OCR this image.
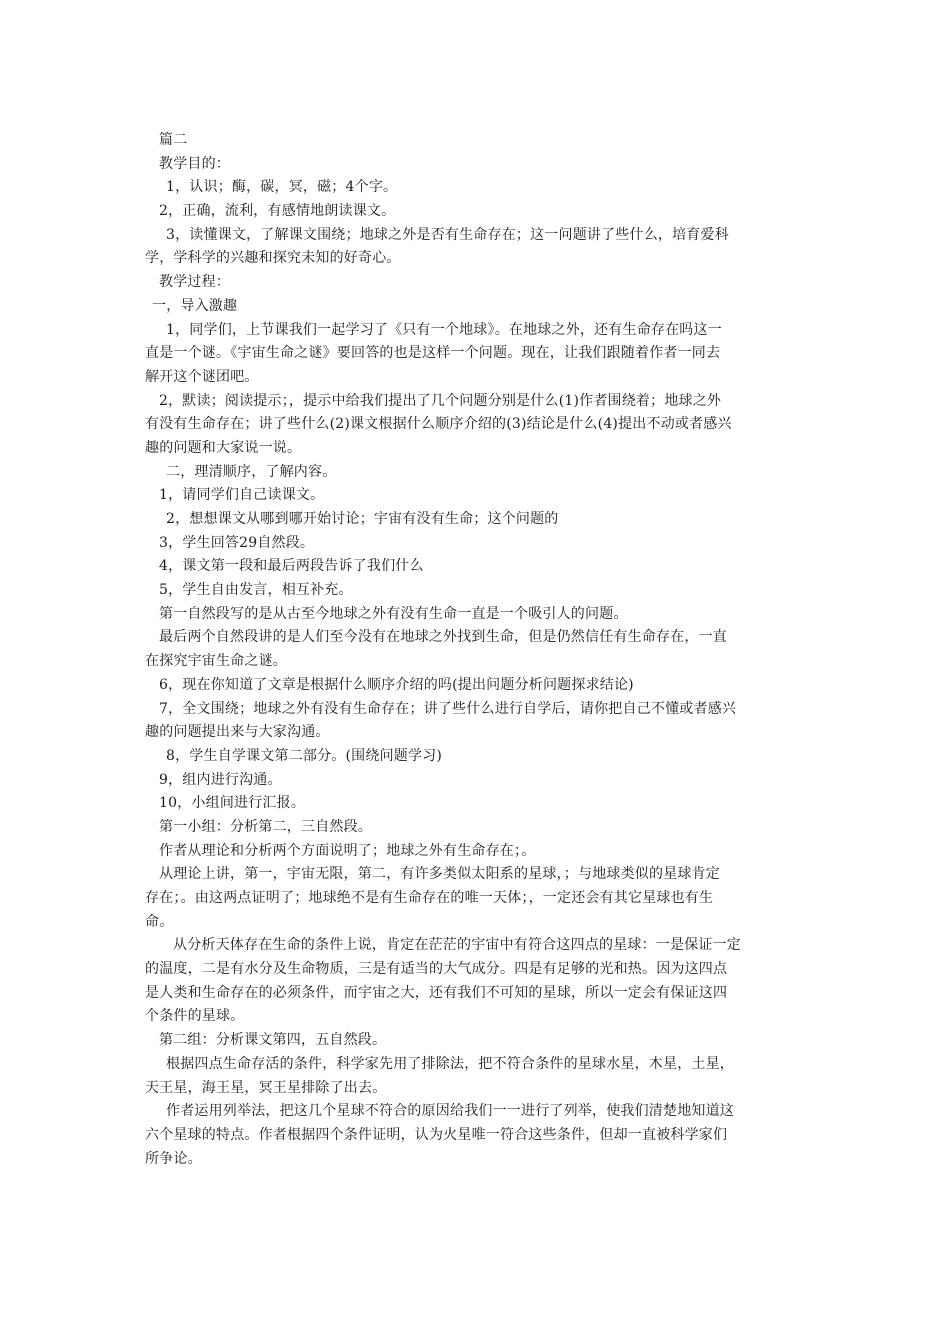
篇二
教学目的：
1，认识；酶，碳，冥，磁；4个字。
2，正确，流利，有感情地朗读课文。
3，读懂课文，了解课文围绕；地球之外是否有生命存在；这一问题讲了些什么，培育爱科
学，学科学的兴趣和探究未知的好奇心。
教学过程：
一，导入激趣
1，同学们，上节课我们一起学习了《只有一个地球》。在地球之外，还有生命存在吗这一
直是一个谜。《宇宙生命之谜》要回答的也是这样一个问题。现在，让我们跟随着作者一同去
解开这个谜团吧。
2，默读；阅读提示；，提示中给我们提出了几个问题分别是什么(1)作者围绕着；地球之外
有没有生命存在；讲了些什么(2)课文根据什么顺序介绍的(3)结论是什么(4)提出不动或者感兴
趣的问题和大家说一说。
二，理清顺序，了解内容。
1，请同学们自己读课文。
2，想想课文从哪到哪开始讨论；宇宙有没有生命；这个问题的
3，学生回答29自然段。
4，课文第一段和最后两段告诉了我们什么
5，学生自由发言，相互补充。
第一自然段写的是从古至今地球之外有没有生命一直是一个吸引人的问题。
最后两个自然段讲的是人们至今没有在地球之外找到生命，但是仍然信任有生命存在，一直
在探究宇宙生命之谜。
6，现在你知道了文章是根据什么顺序介绍的吗(提出问题分析问题探求结论)
7，全文围绕；地球之外有没有生命存在；讲了些什么进行自学后，请你把自己不懂或者感兴
趣的问题提出来与大家沟通。
8，学生自学课文第二部分。(围绕问题学习)
9，组内进行沟通。
10，小组间进行汇报。
第一小组：分析第二，三自然段。
作者从理论和分析两个方面说明了；地球之外有生命存在；。
从理论上讲，第一，宇宙无限，第二，有许多类似太阳系的星球，；与地球类似的星球肯定
存在；。由这两点证明了；地球绝不是有生命存在的唯一天体；，一定还会有其它星球也有生
命。
从分析天体存在生命的条件上说，肯定在茫茫的宇宙中有符合这四点的星球：一是保证一定
的温度，二是有水分及生命物质，三是有适当的大气成分。四是有足够的光和热。因为这四点
是人类和生命存在的必须条件，而宇宙之大，还有我们不可知的星球，所以一定会有保证这四
个条件的星球。
第二组：分析课文第四，五自然段。
根据四点生命存活的条件，科学家先用了排除法，把不符合条件的星球水星，木星，土星，
天王星，海王星，冥王星排除了出去。
作者运用列举法，把这几个星球不符合的原因给我们一一进行了列举，使我们清楚地知道这
六个星球的特点。作者根据四个条件证明，认为火星唯一符合这些条件，但却一直被科学家们
所争论。
